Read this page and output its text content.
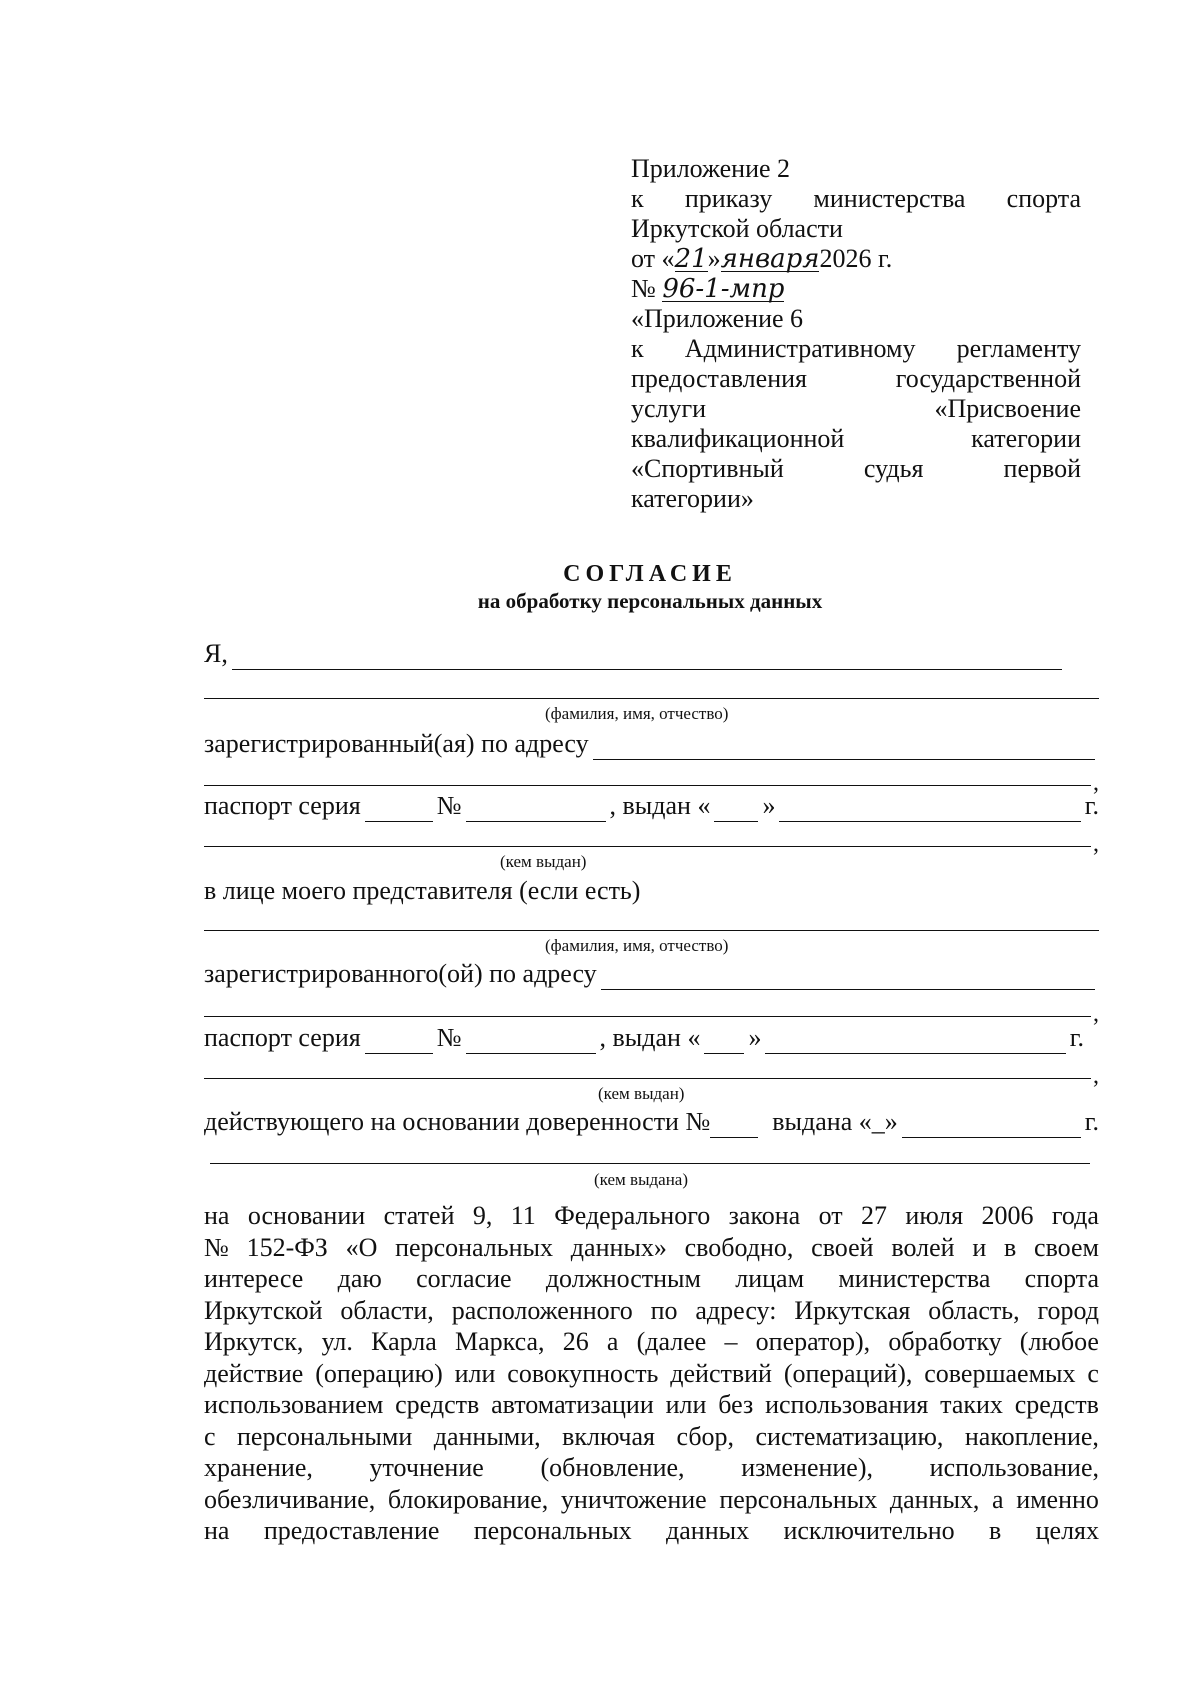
Приложение 2
к приказу министерства спорта
Иркутской области
от «21»января2026 г.
№ 96-1-мпр
«Приложение 6
к Административному регламенту
предоставления	государственной
услуги	«Присвоение
квалификационной	категории
«Спортивный	судья	первой
категории»
СОГЛАСИЕ
на обработку персональных данных
Я,
(фамилия, имя, отчество)
зарегистрированный(ая) по адресу
,
паспорт серия	№	, выдан « »	г.
,
(кем выдан)
в лице моего представителя (если есть)
(фамилия, имя, отчество)
зарегистрированного(ой) по адресу
,
паспорт серия	№	, выдан « »	г.
,
(кем выдан)
действующего на основании доверенности № выдана «_»	г.
(кем выдана)
на основании статей 9, 11 Федерального закона от 27 июля 2006 года
№ 152-ФЗ «О персональных данных» свободно, своей волей и в своем
интересе даю согласие должностным лицам министерства спорта
Иркутской области, расположенного по адресу: Иркутская область, город
Иркутск, ул. Карла Маркса, 26 а (далее – оператор), обработку (любое
действие (операцию) или совокупность действий (операций), совершаемых с
использованием средств автоматизации или без использования таких средств
с персональными данными, включая сбор, систематизацию, накопление,
хранение, уточнение (обновление, изменение), использование,
обезличивание, блокирование, уничтожение персональных данных, а именно
на предоставление персональных данных исключительно в целях
